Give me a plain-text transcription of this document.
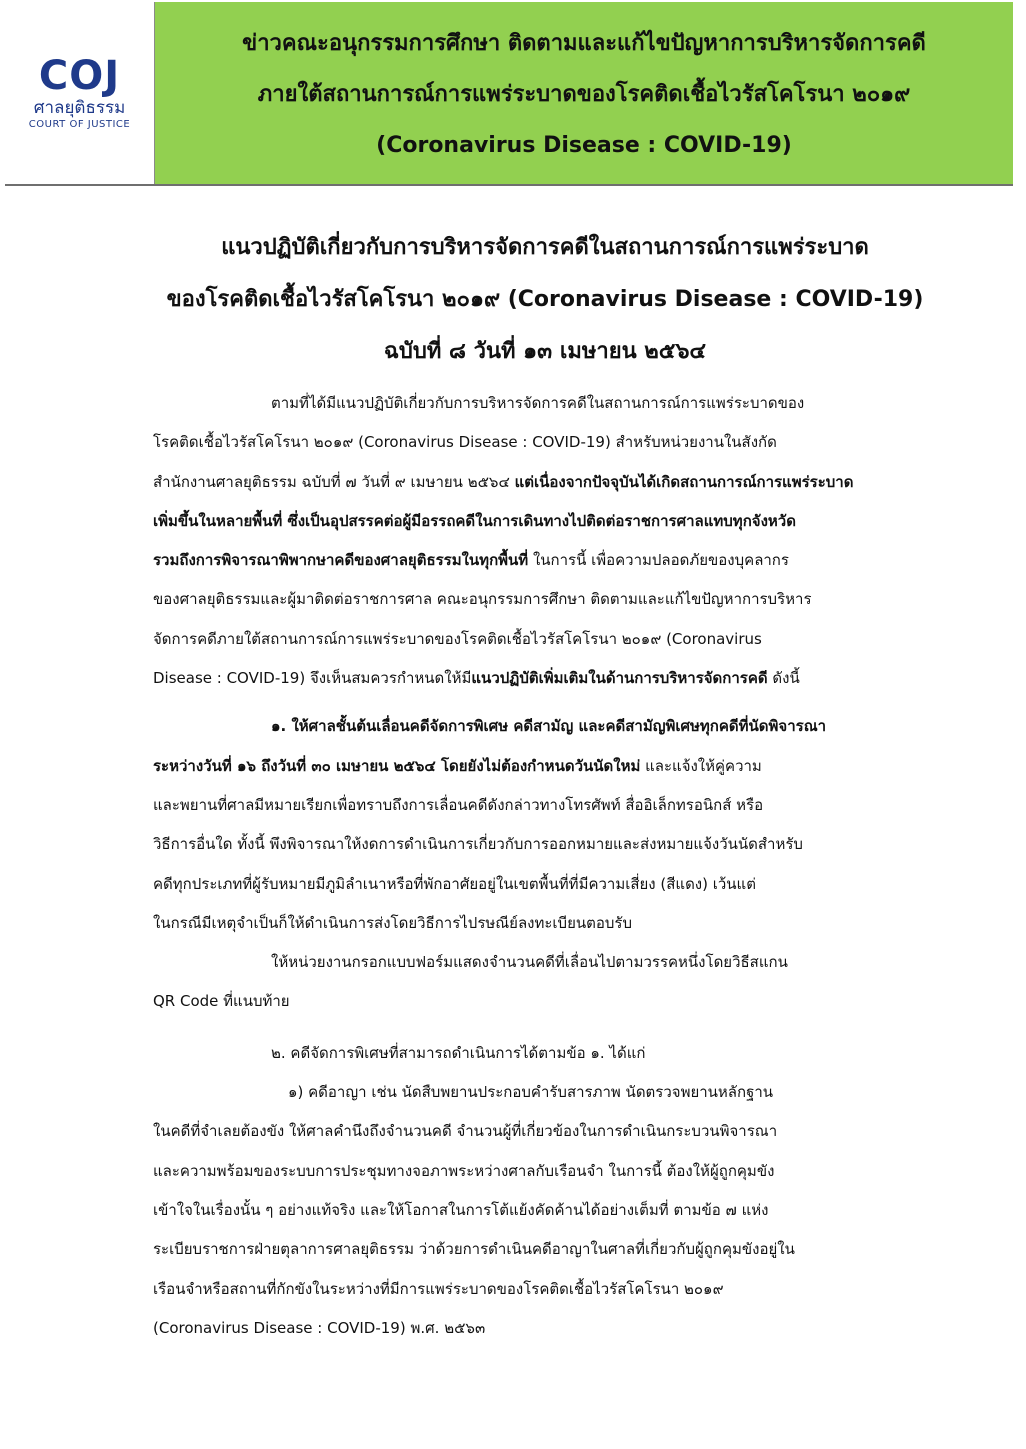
COJ
ศาลยุติธรรม
COURT OF JUSTICE
ข่าวคณะอนุกรรมการศึกษา ติดตามและแก้ไขปัญหาการบริหารจัดการคดี
ภายใต้สถานการณ์การแพร่ระบาดของโรคติดเชื้อไวรัสโคโรนา ๒๐๑๙
(Coronavirus Disease : COVID-19)
แนวปฏิบัติเกี่ยวกับการบริหารจัดการคดีในสถานการณ์การแพร่ระบาด
ของโรคติดเชื้อไวรัสโคโรนา ๒๐๑๙ (Coronavirus Disease : COVID-19)
ฉบับที่ ๘ วันที่ ๑๓ เมษายน ๒๕๖๔
ตามที่ได้มีแนวปฏิบัติเกี่ยวกับการบริหารจัดการคดีในสถานการณ์การแพร่ระบาดของ
โรคติดเชื้อไวรัสโคโรนา ๒๐๑๙ (Coronavirus Disease : COVID-19) สำหรับหน่วยงานในสังกัด
สำนักงานศาลยุติธรรม ฉบับที่ ๗ วันที่ ๙ เมษายน ๒๕๖๔ แต่เนื่องจากปัจจุบันได้เกิดสถานการณ์การแพร่ระบาด
เพิ่มขึ้นในหลายพื้นที่ ซึ่งเป็นอุปสรรคต่อผู้มีอรรถคดีในการเดินทางไปติดต่อราชการศาลแทบทุกจังหวัด
รวมถึงการพิจารณาพิพากษาคดีของศาลยุติธรรมในทุกพื้นที่ ในการนี้ เพื่อความปลอดภัยของบุคลากร
ของศาลยุติธรรมและผู้มาติดต่อราชการศาล คณะอนุกรรมการศึกษา ติดตามและแก้ไขปัญหาการบริหาร
จัดการคดีภายใต้สถานการณ์การแพร่ระบาดของโรคติดเชื้อไวรัสโคโรนา ๒๐๑๙ (Coronavirus
Disease : COVID-19) จึงเห็นสมควรกำหนดให้มีแนวปฏิบัติเพิ่มเติมในด้านการบริหารจัดการคดี ดังนี้
๑. ให้ศาลชั้นต้นเลื่อนคดีจัดการพิเศษ คดีสามัญ และคดีสามัญพิเศษทุกคดีที่นัดพิจารณา
ระหว่างวันที่ ๑๖ ถึงวันที่ ๓๐ เมษายน ๒๕๖๔ โดยยังไม่ต้องกำหนดวันนัดใหม่ และแจ้งให้คู่ความ
และพยานที่ศาลมีหมายเรียกเพื่อทราบถึงการเลื่อนคดีดังกล่าวทางโทรศัพท์ สื่ออิเล็กทรอนิกส์ หรือ
วิธีการอื่นใด ทั้งนี้ พึงพิจารณาให้งดการดำเนินการเกี่ยวกับการออกหมายและส่งหมายแจ้งวันนัดสำหรับ
คดีทุกประเภทที่ผู้รับหมายมีภูมิลำเนาหรือที่พักอาศัยอยู่ในเขตพื้นที่ที่มีความเสี่ยง (สีแดง) เว้นแต่
ในกรณีมีเหตุจำเป็นก็ให้ดำเนินการส่งโดยวิธีการไปรษณีย์ลงทะเบียนตอบรับ
ให้หน่วยงานกรอกแบบฟอร์มแสดงจำนวนคดีที่เลื่อนไปตามวรรคหนึ่งโดยวิธีสแกน
QR Code ที่แนบท้าย
๒. คดีจัดการพิเศษที่สามารถดำเนินการได้ตามข้อ ๑. ได้แก่
๑) คดีอาญา เช่น นัดสืบพยานประกอบคำรับสารภาพ นัดตรวจพยานหลักฐาน
ในคดีที่จำเลยต้องขัง ให้ศาลคำนึงถึงจำนวนคดี จำนวนผู้ที่เกี่ยวข้องในการดำเนินกระบวนพิจารณา
และความพร้อมของระบบการประชุมทางจอภาพระหว่างศาลกับเรือนจำ ในการนี้ ต้องให้ผู้ถูกคุมขัง
เข้าใจในเรื่องนั้น ๆ อย่างแท้จริง และให้โอกาสในการโต้แย้งคัดค้านได้อย่างเต็มที่ ตามข้อ ๗ แห่ง
ระเบียบราชการฝ่ายตุลาการศาลยุติธรรม ว่าด้วยการดำเนินคดีอาญาในศาลที่เกี่ยวกับผู้ถูกคุมขังอยู่ใน
เรือนจำหรือสถานที่กักขังในระหว่างที่มีการแพร่ระบาดของโรคติดเชื้อไวรัสโคโรนา ๒๐๑๙
(Coronavirus Disease : COVID-19) พ.ศ. ๒๕๖๓
